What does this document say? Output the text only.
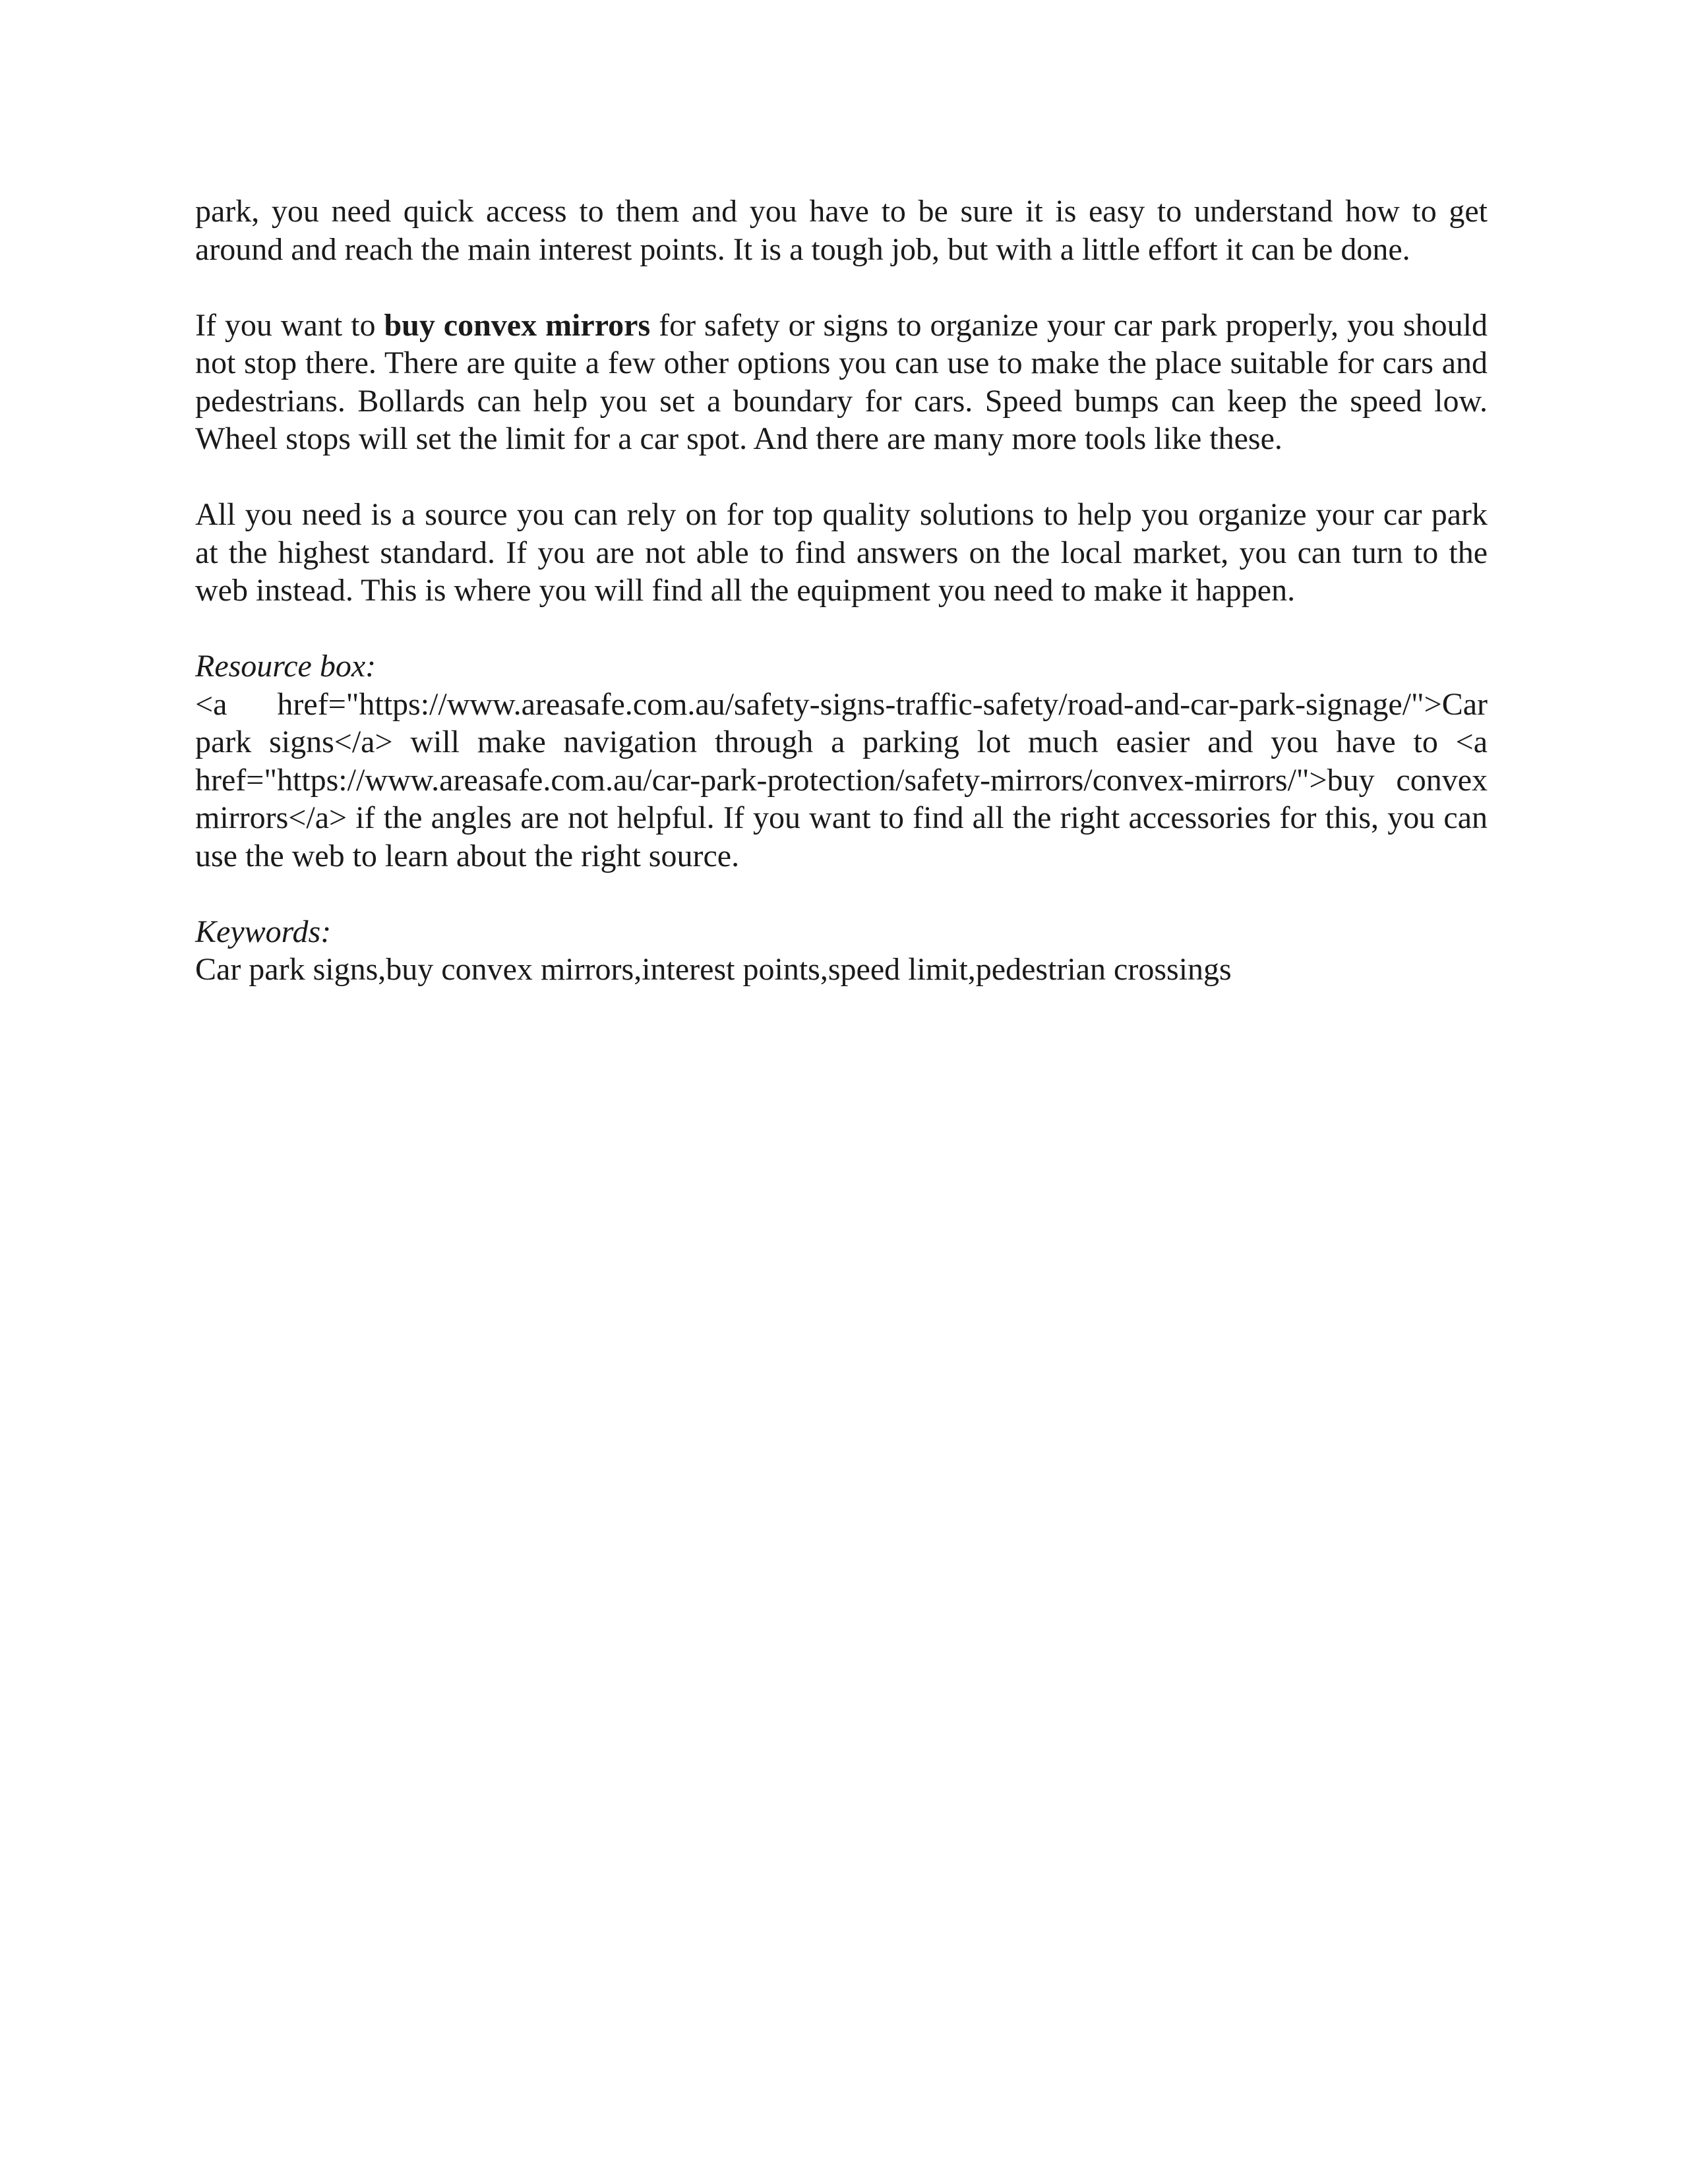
park, you need quick access to them and you have to be sure it is easy to understand how to get around and reach the main interest points. It is a tough job, but with a little effort it can be done.

If you want to buy convex mirrors for safety or signs to organize your car park properly, you should not stop there. There are quite a few other options you can use to make the place suitable for cars and pedestrians. Bollards can help you set a boundary for cars. Speed bumps can keep the speed low. Wheel stops will set the limit for a car spot. And there are many more tools like these.

All you need is a source you can rely on for top quality solutions to help you organize your car park at the highest standard. If you are not able to find answers on the local market, you can turn to the web instead. This is where you will find all the equipment you need to make it happen.

Resource box:

<a href="https://www.areasafe.com.au/safety-signs-traffic-safety/road-and-car-park-signage/">Car park signs</a> will make navigation through a parking lot much easier and you have to <a href="https://www.areasafe.com.au/car-park-protection/safety-mirrors/convex-mirrors/">buy convex mirrors</a> if the angles are not helpful. If you want to find all the right accessories for this, you can use the web to learn about the right source.

Keywords:

Car park signs,buy convex mirrors,interest points,speed limit,pedestrian crossings
